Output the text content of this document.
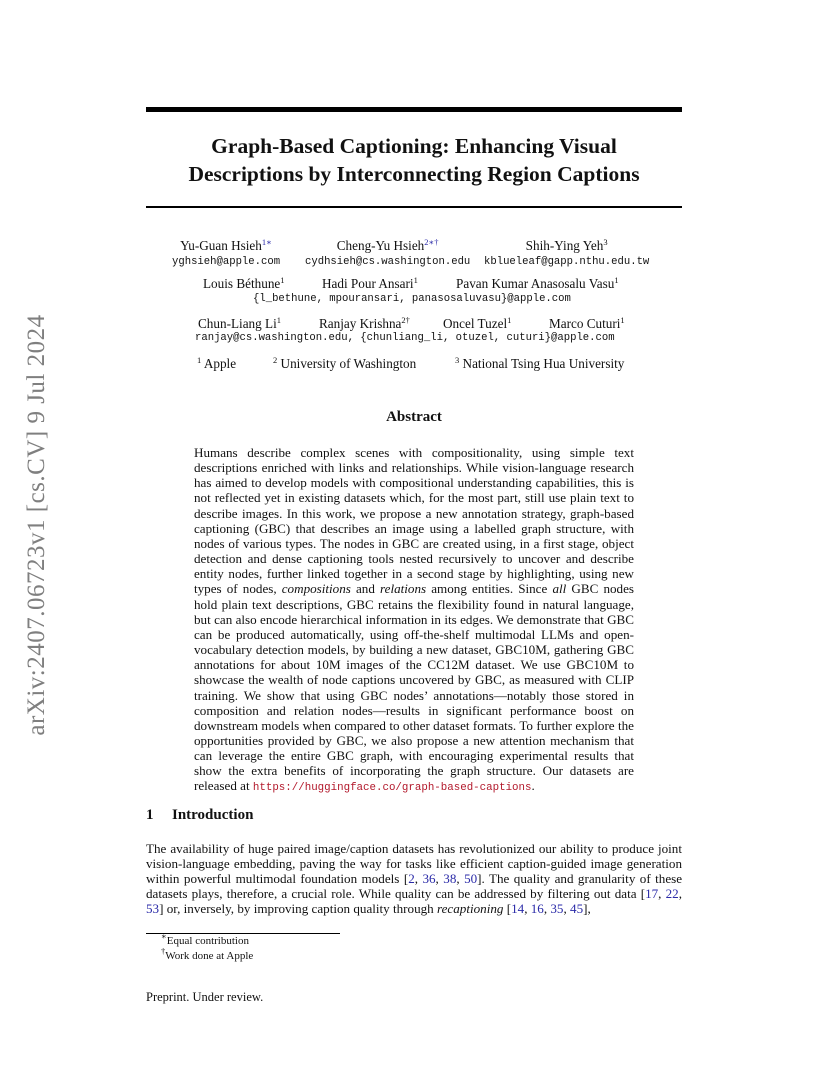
arXiv:2407.06723v1 [cs.CV] 9 Jul 2024
Graph-Based Captioning: Enhancing Visual
Descriptions by Interconnecting Region Captions
Yu-Guan Hsieh$^{1∗}$
yghsieh@apple.com
Cheng-Yu Hsieh$^{2∗\dagger}$
cydhsieh@cs.washington.edu
Shih-Ying Yeh$^3$
kblueleaf@gapp.nthu.edu.tw
Louis Béthune$^1$	Hadi Pour Ansari$^1$	Pavan Kumar Anasosalu Vasu$^1$
{l_bethune, mpouransari, panasosaluvasu}@apple.com
Chun-Liang Li$^1$	Ranjay Krishna$^{2\dagger}$	Oncel Tuzel$^1$	Marco Cuturi$^1$
ranjay@cs.washington.edu, {chunliang_li, otuzel, cuturi}@apple.com
$^1$ Apple	$^2$ University of Washington	$^3$ National Tsing Hua University
Abstract
Humans describe complex scenes with compositionality, using simple text descriptions enriched with links and relationships. While vision-language research has aimed to develop models with compositional understanding capabilities, this is not reflected yet in existing datasets which, for the most part, still use plain text to describe images. In this work, we propose a new annotation strategy, graph-based captioning (GBC) that describes an image using a labelled graph structure, with nodes of various types. The nodes in GBC are created using, in a first stage, object detection and dense captioning tools nested recursively to uncover and describe entity nodes, further linked together in a second stage by highlighting, using new types of nodes, compositions and relations among entities. Since all GBC nodes hold plain text descriptions, GBC retains the flexibility found in natural language, but can also encode hierarchical information in its edges. We demonstrate that GBC can be produced automatically, using off-the-shelf multimodal LLMs and open-vocabulary detection models, by building a new dataset, GBC10M, gathering GBC annotations for about 10M images of the CC12M dataset. We use GBC10M to showcase the wealth of node captions uncovered by GBC, as measured with CLIP training. We show that using GBC nodes’ annotations—notably those stored in composition and relation nodes—results in significant performance boost on downstream models when compared to other dataset formats. To further explore the opportunities provided by GBC, we also propose a new attention mechanism that can leverage the entire GBC graph, with encouraging experimental results that show the extra benefits of incorporating the graph structure. Our datasets are released at https://huggingface.co/graph-based-captions.
1 Introduction
The availability of huge paired image/caption datasets has revolutionized our ability to produce joint vision-language embedding, paving the way for tasks like efficient caption-guided image generation within powerful multimodal foundation models [2, 36, 38, 50]. The quality and granularity of these datasets plays, therefore, a crucial role. While quality can be addressed by filtering out data [17, 22, 53] or, inversely, by improving caption quality through recaptioning [14, 16, 35, 45],
∗Equal contribution
†Work done at Apple
Preprint. Under review.
